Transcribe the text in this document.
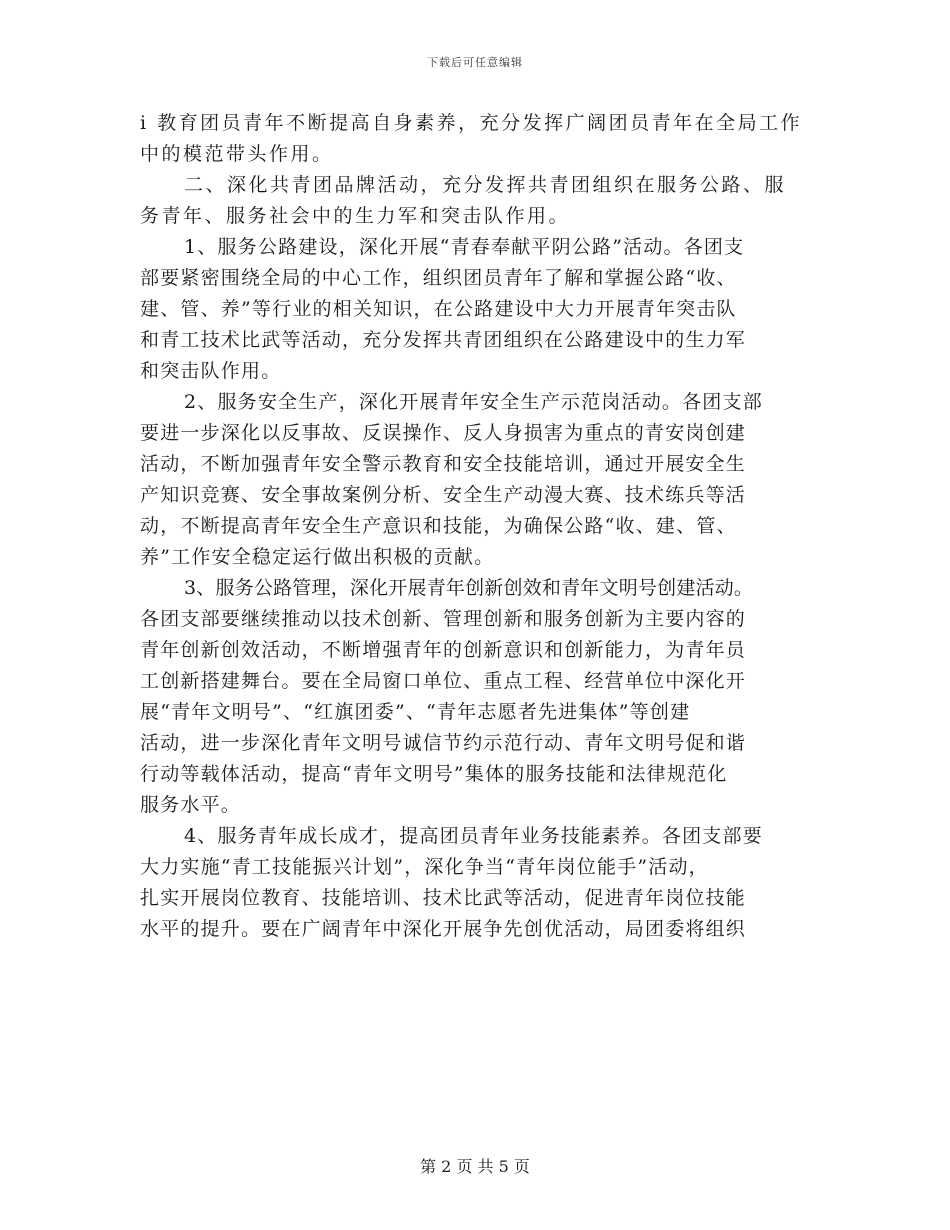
下载后可任意编辑
i 教育团员青年不断提高自身素养，充分发挥广阔团员青年在全局工作
中的模范带头作用。
二、深化共青团品牌活动，充分发挥共青团组织在服务公路、服
务青年、服务社会中的生力军和突击队作用。
1、服务公路建设，深化开展“青春奉献平阴公路”活动。各团支
部要紧密围绕全局的中心工作，组织团员青年了解和掌握公路“收、
建、管、养”等行业的相关知识，在公路建设中大力开展青年突击队
和青工技术比武等活动，充分发挥共青团组织在公路建设中的生力军
和突击队作用。
2、服务安全生产，深化开展青年安全生产示范岗活动。各团支部
要进一步深化以反事故、反误操作、反人身损害为重点的青安岗创建
活动，不断加强青年安全警示教育和安全技能培训，通过开展安全生
产知识竞赛、安全事故案例分析、安全生产动漫大赛、技术练兵等活
动，不断提高青年安全生产意识和技能，为确保公路“收、建、管、
养”工作安全稳定运行做出积极的贡献。
3、服务公路管理，深化开展青年创新创效和青年文明号创建活动。
各团支部要继续推动以技术创新、管理创新和服务创新为主要内容的
青年创新创效活动，不断增强青年的创新意识和创新能力，为青年员
工创新搭建舞台。要在全局窗口单位、重点工程、经营单位中深化开
展“青年文明号”、“红旗团委”、“青年志愿者先进集体”等创建
活动，进一步深化青年文明号诚信节约示范行动、青年文明号促和谐
行动等载体活动，提高“青年文明号”集体的服务技能和法律规范化
服务水平。
4、服务青年成长成才，提高团员青年业务技能素养。各团支部要
大力实施“青工技能振兴计划”，深化争当“青年岗位能手”活动，
扎实开展岗位教育、技能培训、技术比武等活动，促进青年岗位技能
水平的提升。要在广阔青年中深化开展争先创优活动，局团委将组织
第 2 页 共 5 页
